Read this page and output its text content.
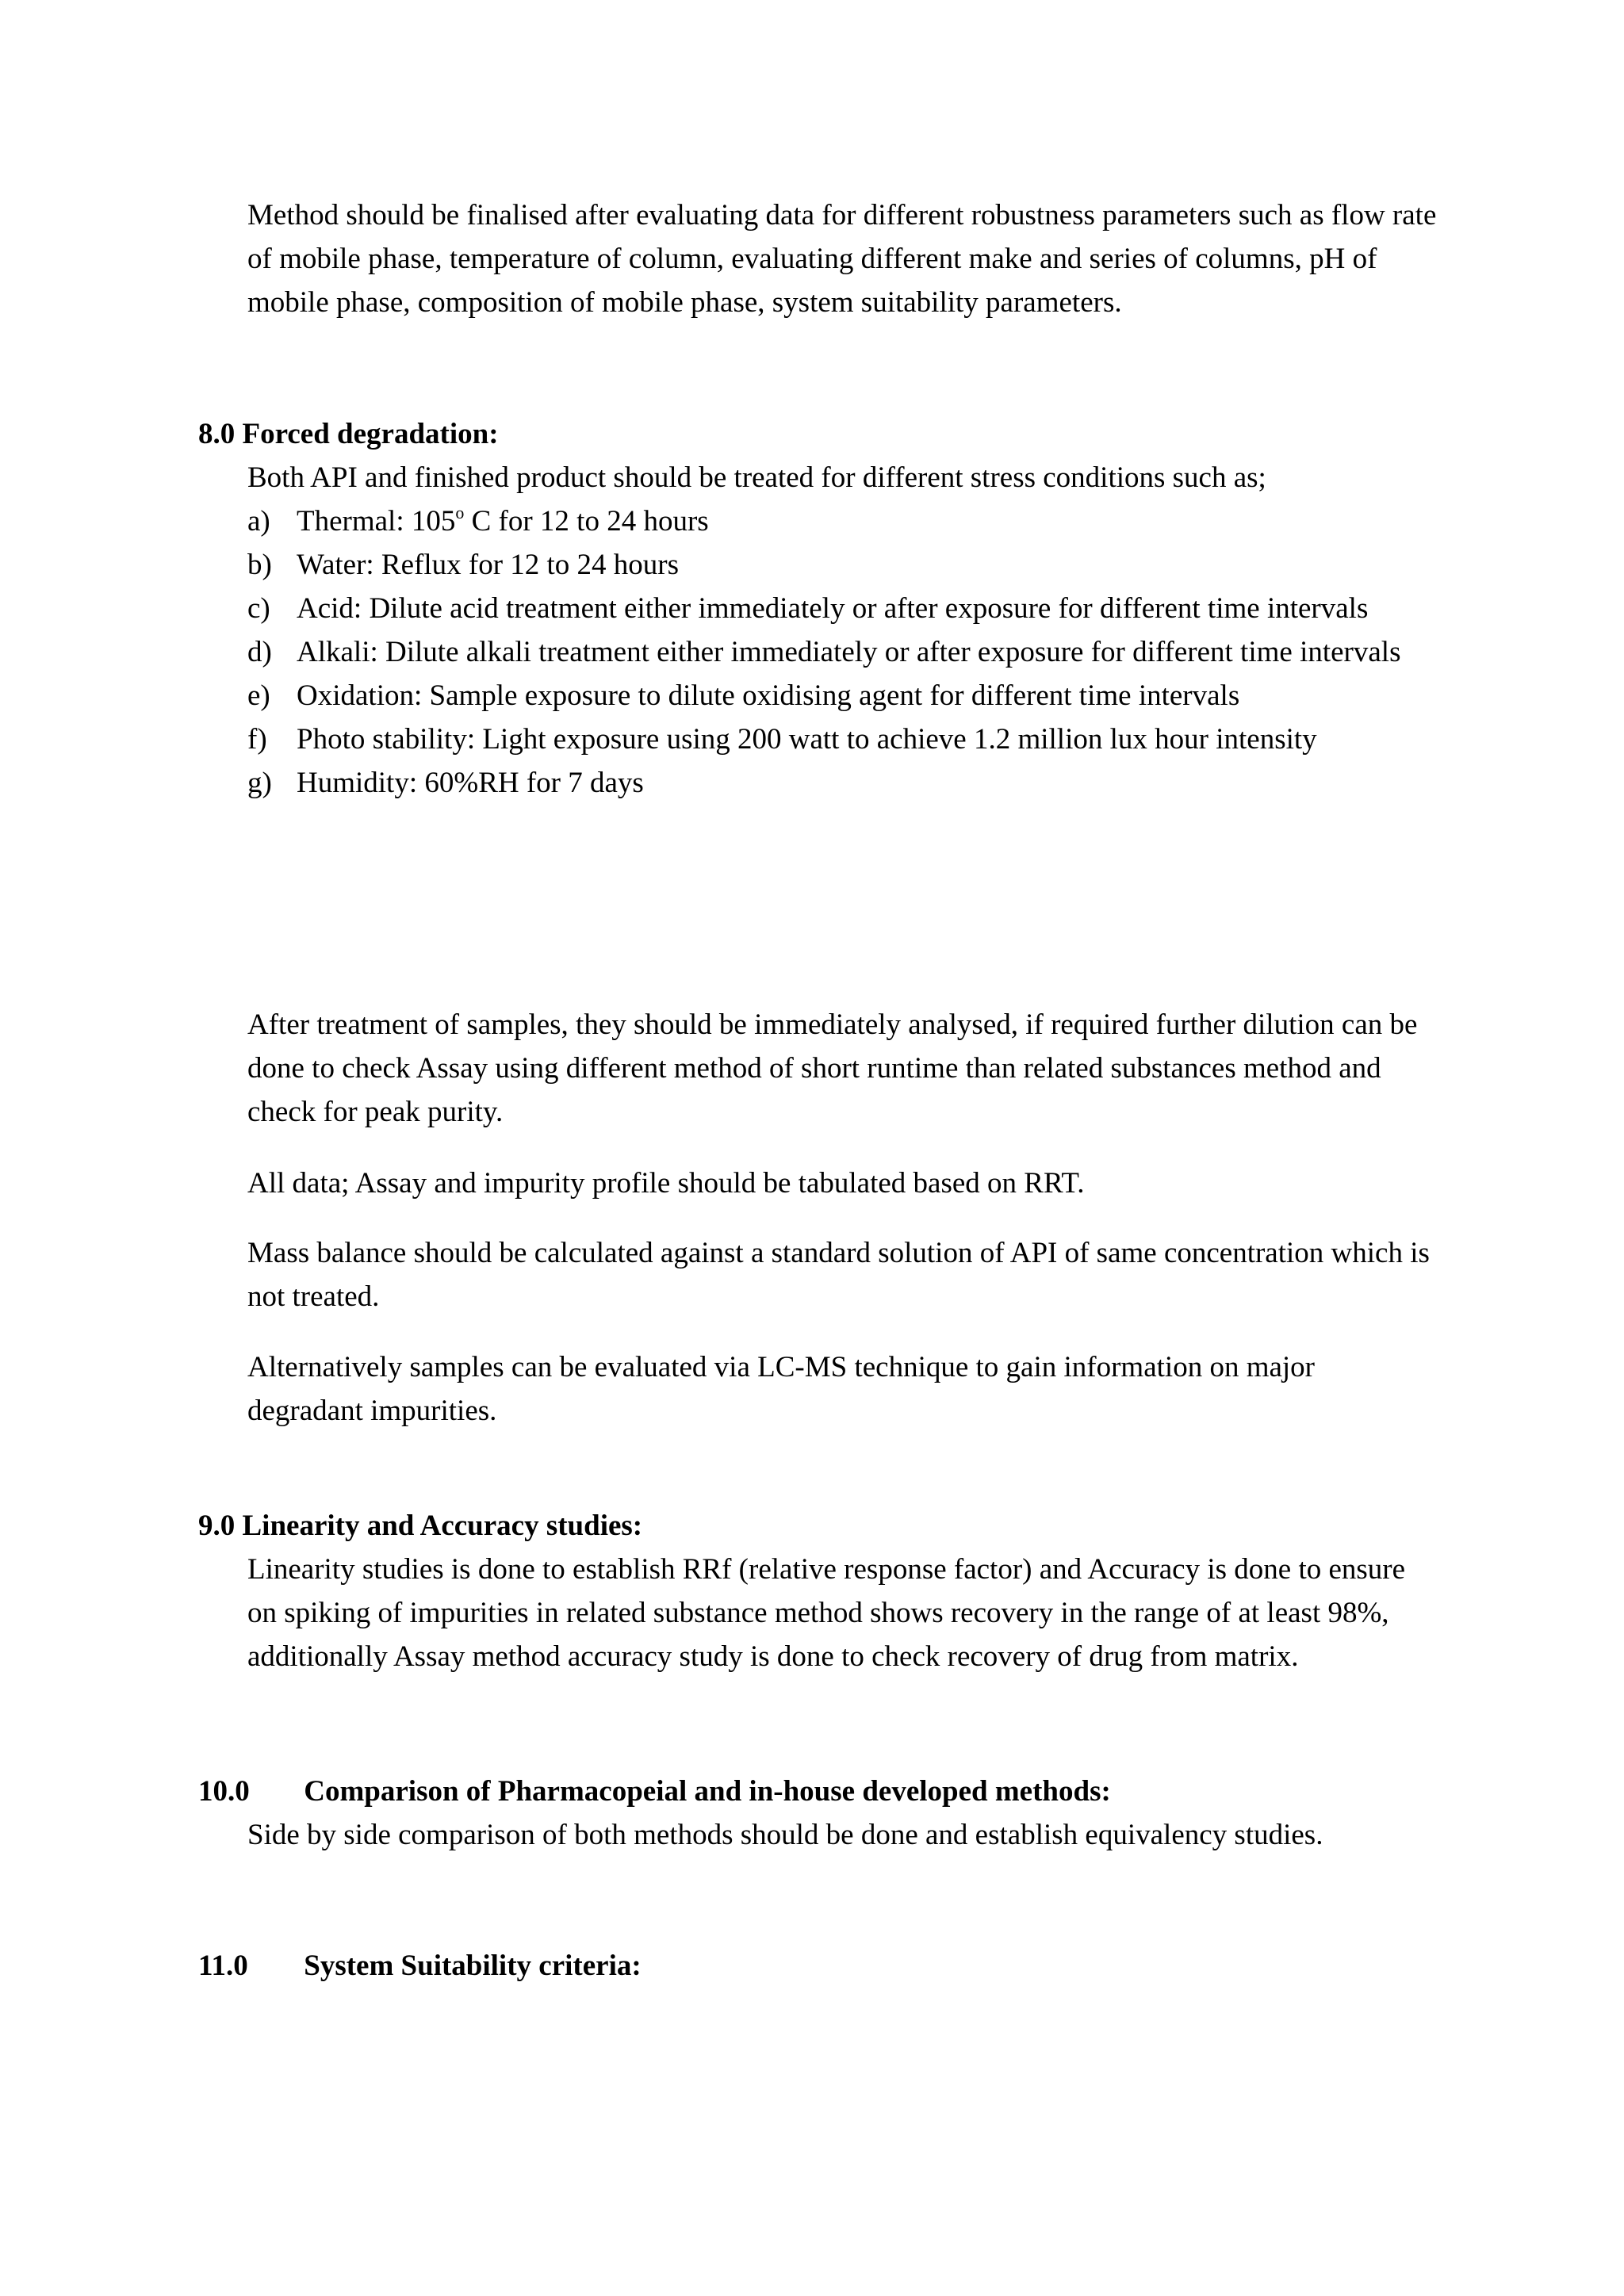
Method should be finalised after evaluating data for different robustness parameters such as flow rate of mobile phase, temperature of column, evaluating different make and series of columns, pH of mobile phase, composition of mobile phase, system suitability parameters.

8.0 Forced degradation:

Both API and finished product should be treated for different stress conditions such as;

a) Thermal: 105$^o$ C for 12 to 24 hours
b) Water: Reflux for 12 to 24 hours
c) Acid: Dilute acid treatment either immediately or after exposure for different time intervals
d) Alkali: Dilute alkali treatment either immediately or after exposure for different time intervals
e) Oxidation: Sample exposure to dilute oxidising agent for different time intervals
f) Photo stability: Light exposure using 200 watt to achieve 1.2 million lux hour intensity
g) Humidity: 60%RH for 7 days

After treatment of samples, they should be immediately analysed, if required further dilution can be done to check Assay using different method of short runtime than related substances method and check for peak purity.

All data; Assay and impurity profile should be tabulated based on RRT.

Mass balance should be calculated against a standard solution of API of same concentration which is not treated.

Alternatively samples can be evaluated via LC-MS technique to gain information on major degradant impurities.

9.0 Linearity and Accuracy studies:

Linearity studies is done to establish RRf (relative response factor) and Accuracy is done to ensure on spiking of impurities in related substance method shows recovery in the range of at least 98%, additionally Assay method accuracy study is done to check recovery of drug from matrix.

10.0 Comparison of Pharmacopeial and in-house developed methods:

Side by side comparison of both methods should be done and establish equivalency studies.

11.0 System Suitability criteria:
